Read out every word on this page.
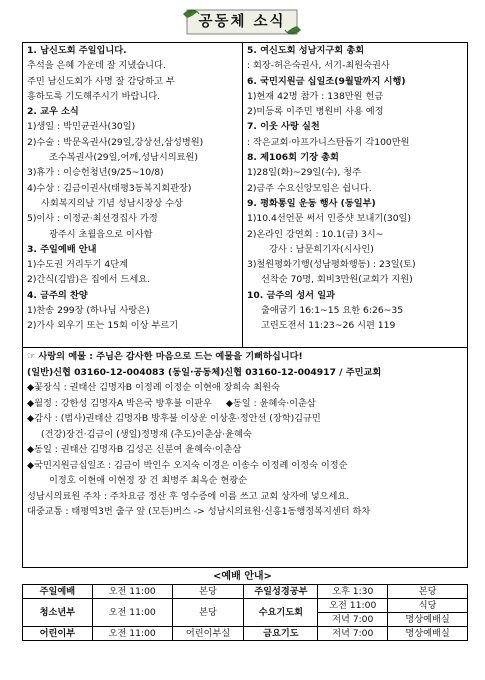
공동체 소식
1. 남신도회 주일입니다.
추석을 은혜 가운데 잘 지냈습니다.
주민 남신도회가 사명 잘 감당하고 부
흥하도록 기도해주시기 바랍니다.
2. 교우 소식
1)생일 : 박민균권사(30일)
2)수술 : 박문옥권사(29일,강상선,삼성병원)
조수복권사(29일,어깨,성남시의료원)
3)휴가 : 이승헌청년(9/25~10/8)
4)수상 : 김금이권사(태평3동복지회관장)
사회복지의날 기념 성남시장상 수상
5)이사 : 이정균·최선경집사 가정
광주시 초월읍으로 이사함
3. 주일예배 안내
1)수도권 거리두기 4단계
2)간식(김밥)은 집에서 드세요.
4. 금주의 찬양
1)찬송 299장 (하나님 사랑은)
2)가사 외우기 또는 15회 이상 부르기
5. 여신도회 성남지구회 총회
: 회장-허은숙권사, 서기-최원숙권사
6. 국민지원금 십일조(9월말까지 시행)
1)현재 42명 참가 : 138만원 헌금
2)미등록 이주민 병원비 사용 예정
7. 이웃 사랑 실천
: 작은교회·아프가니스탄돕기 각100만원
8. 제106회 기장 총회
1)28일(화)~29일(수), 청주
2)금주 수요신앙모임은 쉽니다.
9. 평화통일 운동 행사 (동일부)
1)10.4선언문 써서 인증샷 보내기(30일)
2)온라인 강연회 : 10.1(금) 3시~
강사 : 남문희기자(시사인)
3)철원평화기행(성남평화행동) : 23일(토)
선착순 70명, 회비3만원(교회가 지원)
10. 금주의 성서 일과
출애굽기 16:1~15 요한 6:26~35
고린도전서 11:23~26 시편 119
☞ 사랑의 예물 : 주님은 감사한 마음으로 드는 예물을 기뻐하십니다!
(일반)신협 03160-12-004083 (동일·공동체)신협 03160-12-004917 / 주민교회
◆꽃장식 : 권태산 김명자B 이정례 이정순 이현애 장희숙 최원숙
◆월정 : 강한성 김명자A 박은국 방후불 이판우 ◆동일 : 윤혜숙·이춘삼
◆감사 : (범사)권태산 김명자B 방후불 이상운 이상훈·정안선 (장학)김규민
(건강)장건·김금이 (생일)정명재 (추도)이춘삼·윤혜숙
◆동일 : 권태산 김명자B 김성곤 신분여 윤혜숙·이춘삼
◆국민지원금십일조 : 김금이 박인수 오지숙 이경은 이송수 이정례 이정숙 이정순
이정호 이현애 이현정 장 건 최병주 최옥순 현광순
성남시의료원 주차 : 주차요금 정산 후 영수증에 이름 쓰고 교회 상자에 넣으세요.
대중교통 : 태평역3번 출구 앞 (모든)버스 -> 성남시의료원·신흥1동행정복지센터 하차
<예배 안내>
주일예배	오전 11:00	본당	주일성경공부	오후 1:30	본당
청소년부	오전 11:00	본당	수요기도회	오전 11:00	식당
				저녁 7:00	명상예배실
어린이부	오전 11:00	어린이부실	금요기도	저녁 7:00	명상예배실
